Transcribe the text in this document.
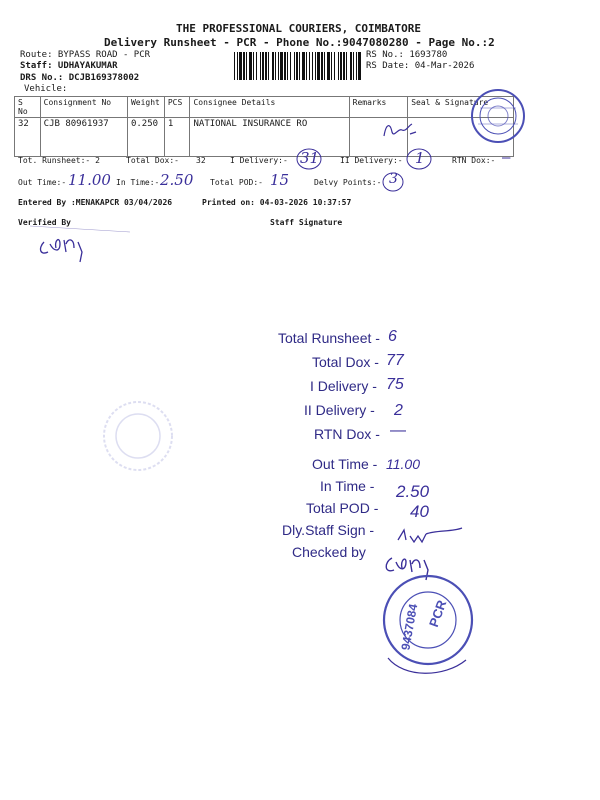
THE PROFESSIONAL COURIERS, COIMBATORE
Delivery Runsheet - PCR - Phone No.:9047080280 - Page No.:2
Route: BYPASS ROAD - PCR
Staff: UDHAYAKUMAR
DRS No.: DCJB169378002
Vehicle:
RS No.: 1693780
RS Date: 04-Mar-2026
S No	Consignment No	Weight	PCS	Consignee Details	Remarks	Seal & Signature
32	CJB 80961937	0.250	1	NATIONAL INSURANCE RO		
Tot. Runsheet:- 2	Total Dox:- 32	I Delivery:- 31	II Delivery:- 1	RTN Dox:- —
Out Time:- 11.00 In Time:- 2.50 Total POD:- 15	Delvy Points:- 3
Entered By :MENAKAPCR 03/04/2026	Printed on: 04-03-2026 10:37:57
Verified By	Staff Signature
Total Runsheet - 6
Total Dox - 77
I Delivery - 75
II Delivery - 2
RTN Dox - —
Out Time - 11.00
In Time - 2.50
Total POD - 40
Dly.Staff Sign -
Checked by
PCR
9437084
